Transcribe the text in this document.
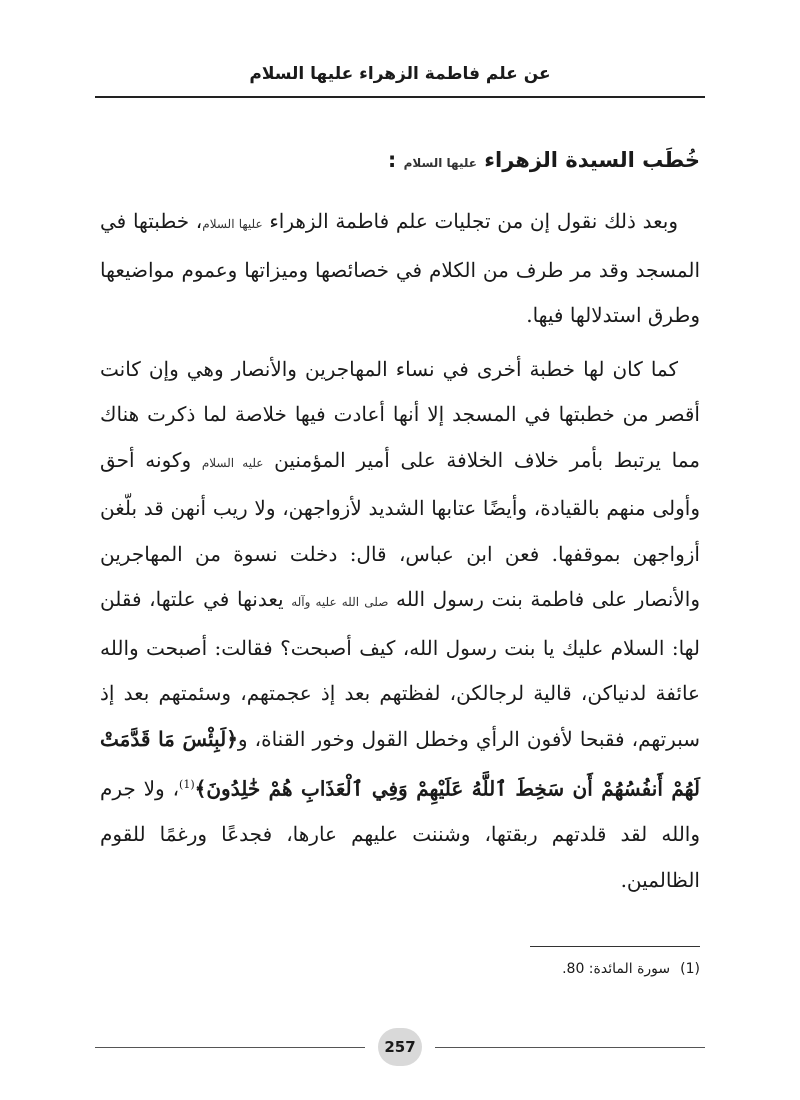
عن علم فاطمة الزهراء عليها السلام
خُطَب السيدة الزهراء عليها السلام :

وبعد ذلك نقول إن من تجليات علم فاطمة الزهراء عليها السلام، خطبتها في المسجد وقد مر طرف من الكلام في خصائصها وميزاتها وعموم مواضيعها وطرق استدلالها فيها.

كما كان لها خطبة أخرى في نساء المهاجرين والأنصار وهي وإن كانت أقصر من خطبتها في المسجد إلا أنها أعادت فيها خلاصة لما ذكرت هناك مما يرتبط بأمر خلاف الخلافة على أمير المؤمنين عليه السلام وكونه أحق وأولى منهم بالقيادة، وأيضًا عتابها الشديد لأزواجهن، ولا ريب أنهن قد بلّغن أزواجهن بموقفها. فعن ابن عباس، قال: دخلت نسوة من المهاجرين والأنصار على فاطمة بنت رسول الله صلى الله عليه وآله يعدنها في علتها، فقلن لها: السلام عليك يا بنت رسول الله، كيف أصبحت؟ فقالت: أصبحت والله عائفة لدنياكن، قالية لرجالكن، لفظتهم بعد إذ عجمتهم، وسئمتهم بعد إذ سبرتهم، فقبحا لأفون الرأي وخطل القول وخور القناة، و﴿لَبِئْسَ مَا قَدَّمَتْ لَهُمْ أَنفُسُهُمْ أَن سَخِطَ ٱللَّهُ عَلَيْهِمْ وَفِي ٱلْعَذَابِ هُمْ خَٰلِدُونَ﴾$^{(1)}$، ولا جرم والله لقد قلدتهم ربقتها، وشننت عليهم عارها، فجدعًا ورغمًا للقوم الظالمين.

(1)سورة المائدة: 80.
257
